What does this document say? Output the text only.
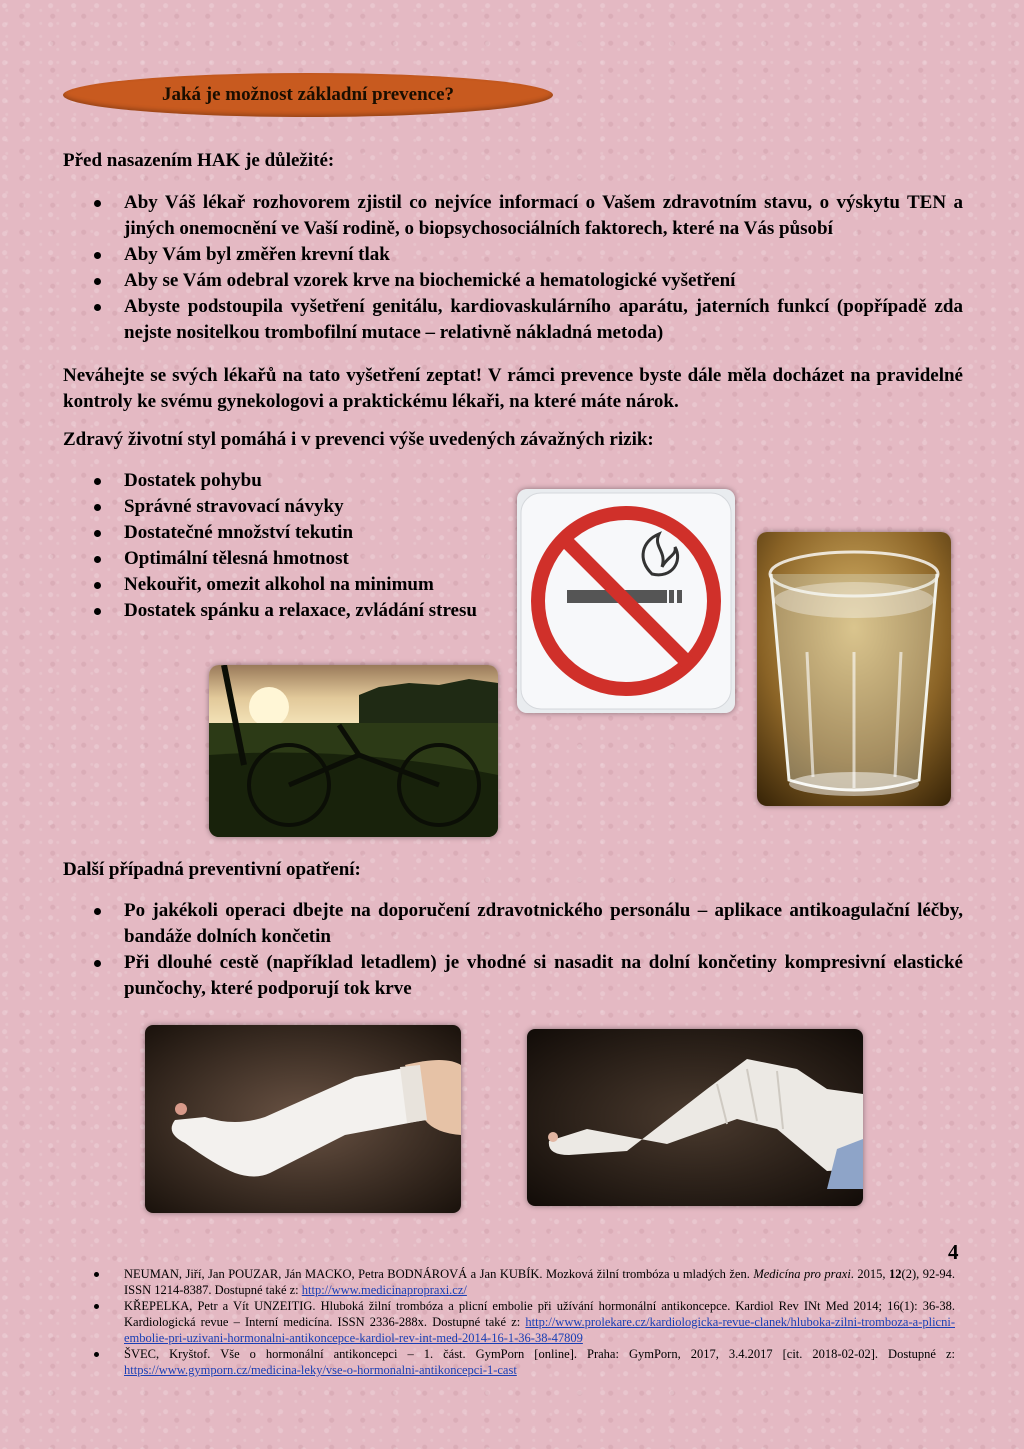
Jaká je možnost základní prevence?
Před nasazením HAK je důležité:
Aby Váš lékař rozhovorem zjistil co nejvíce informací o Vašem zdravotním stavu, o výskytu TEN a jiných onemocnění ve Vaší rodině, o biopsychosociálních faktorech, které na Vás působí
Aby Vám byl změřen krevní tlak
Aby se Vám odebral vzorek krve na biochemické a hematologické vyšetření
Abyste podstoupila vyšetření genitálu, kardiovaskulárního aparátu, jaterních funkcí (popřípadě zda nejste nositelkou trombofilní mutace – relativně nákladná metoda)
Neváhejte se svých lékařů na tato vyšetření zeptat! V rámci prevence byste dále měla docházet na pravidelné kontroly ke svému gynekologovi a praktickému lékaři, na které máte nárok.
Zdravý životní styl pomáhá i v prevenci výše uvedených závažných rizik:
Dostatek pohybu
Správné stravovací návyky
Dostatečné množství tekutin
Optimální tělesná hmotnost
Nekouřit, omezit alkohol na minimum
Dostatek spánku a relaxace, zvládání stresu
Další případná preventivní opatření:
Po jakékoli operaci dbejte na doporučení zdravotnického personálu – aplikace antikoagulační léčby, bandáže dolních končetin
Při dlouhé cestě (například letadlem) je vhodné si nasadit na dolní končetiny kompresivní elastické punčochy, které podporují tok krve
4
NEUMAN, Jiří, Jan POUZAR, Ján MACKO, Petra BODNÁROVÁ a Jan KUBÍK. Mozková žilní trombóza u mladých žen. Medicína pro praxi. 2015, 12(2), 92-94. ISSN 1214-8387. Dostupné také z: http://www.medicinapropraxi.cz/
KŘEPELKA, Petr a Vít UNZEITIG. Hluboká žilní trombóza a plicní embolie při užívání hormonální antikoncepce. Kardiol Rev INt Med 2014; 16(1): 36-38. Kardiologická revue – Interní medicína. ISSN 2336-288x. Dostupné také z: http://www.prolekare.cz/kardiologicka-revue-clanek/hluboka-zilni-tromboza-a-plicni-embolie-pri-uzivani-hormonalni-antikoncepce-kardiol-rev-int-med-2014-16-1-36-38-47809
ŠVEC, Kryštof. Vše o hormonální antikoncepci – 1. část. GymPorn [online]. Praha: GymPorn, 2017, 3.4.2017 [cit. 2018-02-02]. Dostupné z: https://www.gymporn.cz/medicina-leky/vse-o-hormonalni-antikoncepci-1-cast
